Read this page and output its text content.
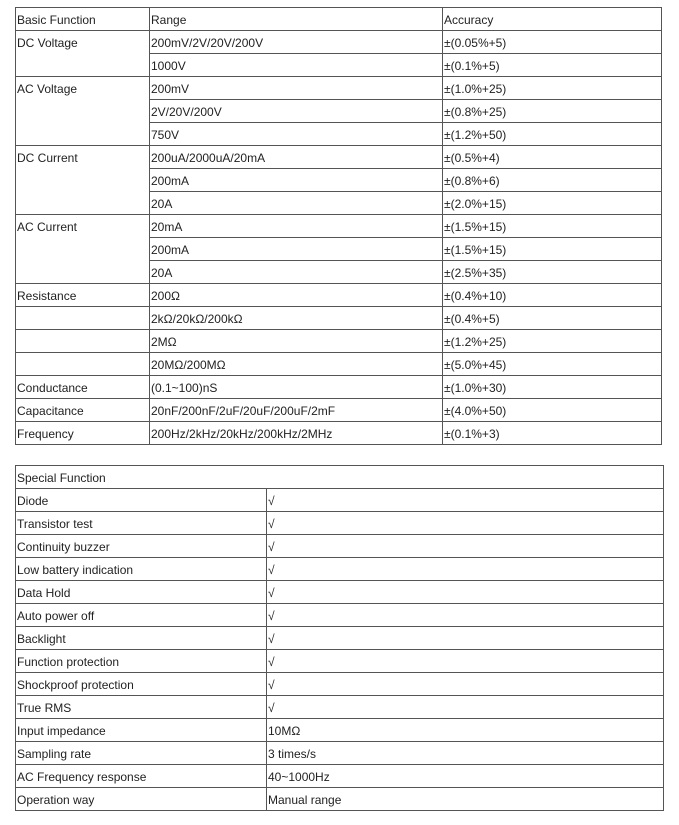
Basic Function	Range	Accuracy
DC Voltage	200mV/2V/20V/200V	±(0.05%+5)
	1000V	±(0.1%+5)
AC Voltage	200mV	±(1.0%+25)
	2V/20V/200V	±(0.8%+25)
	750V	±(1.2%+50)
DC Current	200uA/2000uA/20mA	±(0.5%+4)
	200mA	±(0.8%+6)
	20A	±(2.0%+15)
AC Current	20mA	±(1.5%+15)
	200mA	±(1.5%+15)
	20A	±(2.5%+35)
Resistance	200Ω	±(0.4%+10)
	2kΩ/20kΩ/200kΩ	±(0.4%+5)
	2MΩ	±(1.2%+25)
	20MΩ/200MΩ	±(5.0%+45)
Conductance	(0.1~100)nS	±(1.0%+30)
Capacitance	20nF/200nF/2uF/20uF/200uF/2mF	±(4.0%+50)
Frequency	200Hz/2kHz/20kHz/200kHz/2MHz	±(0.1%+3)
Special Function	
Diode	√
Transistor test	√
Continuity buzzer	√
Low battery indication	√
Data Hold	√
Auto power off	√
Backlight	√
Function protection	√
Shockproof protection	√
True RMS	√
Input impedance	10MΩ
Sampling rate	3 times/s
AC Frequency response	40~1000Hz
Operation way	Manual range
